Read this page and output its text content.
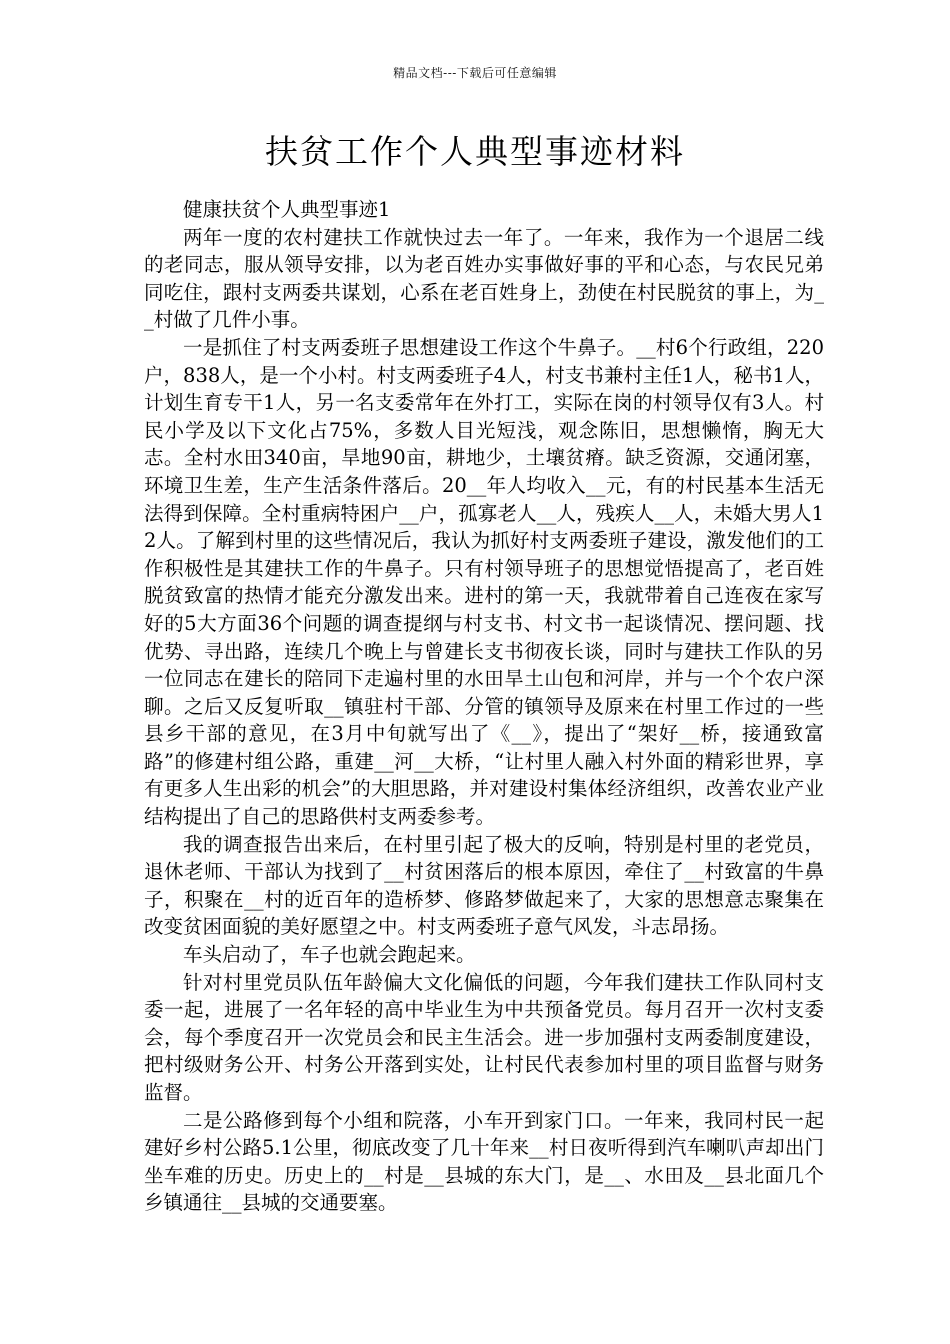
精品文档---下载后可任意编辑
扶贫工作个人典型事迹材料

健康扶贫个人典型事迹1

两年一度的农村建扶工作就快过去一年了。一年来，我作为一个退居二线的老同志，服从领导安排，以为老百姓办实事做好事的平和心态，与农民兄弟同吃住，跟村支两委共谋划，心系在老百姓身上，劲使在村民脱贫的事上，为__村做了几件小事。

一是抓住了村支两委班子思想建设工作这个牛鼻子。__村6个行政组，220户，838人，是一个小村。村支两委班子4人，村支书兼村主任1人，秘书1人，计划生育专干1人，另一名支委常年在外打工，实际在岗的村领导仅有3人。村民小学及以下文化占75%，多数人目光短浅，观念陈旧，思想懒惰，胸无大志。全村水田340亩，旱地90亩，耕地少，土壤贫瘠。缺乏资源，交通闭塞，环境卫生差，生产生活条件落后。20__年人均收入__元，有的村民基本生活无法得到保障。全村重病特困户__户，孤寡老人__人，残疾人__人，未婚大男人12人。了解到村里的这些情况后，我认为抓好村支两委班子建设，激发他们的工作积极性是其建扶工作的牛鼻子。只有村领导班子的思想觉悟提高了，老百姓脱贫致富的热情才能充分激发出来。进村的第一天，我就带着自己连夜在家写好的5大方面36个问题的调查提纲与村支书、村文书一起谈情况、摆问题、找优势、寻出路，连续几个晚上与曾建长支书彻夜长谈，同时与建扶工作队的另一位同志在建长的陪同下走遍村里的水田旱土山包和河岸，并与一个个农户深聊。之后又反复听取__镇驻村干部、分管的镇领导及原来在村里工作过的一些县乡干部的意见，在3月中旬就写出了《__》，提出了“架好__桥，接通致富路”的修建村组公路，重建__河__大桥，“让村里人融入村外面的精彩世界，享有更多人生出彩的机会”的大胆思路，并对建设村集体经济组织，改善农业产业结构提出了自己的思路供村支两委参考。

我的调查报告出来后，在村里引起了极大的反响，特别是村里的老党员，退休老师、干部认为找到了__村贫困落后的根本原因，牵住了__村致富的牛鼻子，积聚在__村的近百年的造桥梦、修路梦做起来了，大家的思想意志聚集在改变贫困面貌的美好愿望之中。村支两委班子意气风发，斗志昂扬。

车头启动了，车子也就会跑起来。

针对村里党员队伍年龄偏大文化偏低的问题，今年我们建扶工作队同村支委一起，进展了一名年轻的高中毕业生为中共预备党员。每月召开一次村支委会，每个季度召开一次党员会和民主生活会。进一步加强村支两委制度建设，把村级财务公开、村务公开落到实处，让村民代表参加村里的项目监督与财务监督。

二是公路修到每个小组和院落，小车开到家门口。一年来，我同村民一起建好乡村公路5.1公里，彻底改变了几十年来__村日夜听得到汽车喇叭声却出门坐车难的历史。历史上的__村是__县城的东大门，是__、水田及__县北面几个乡镇通往__县城的交通要塞。
